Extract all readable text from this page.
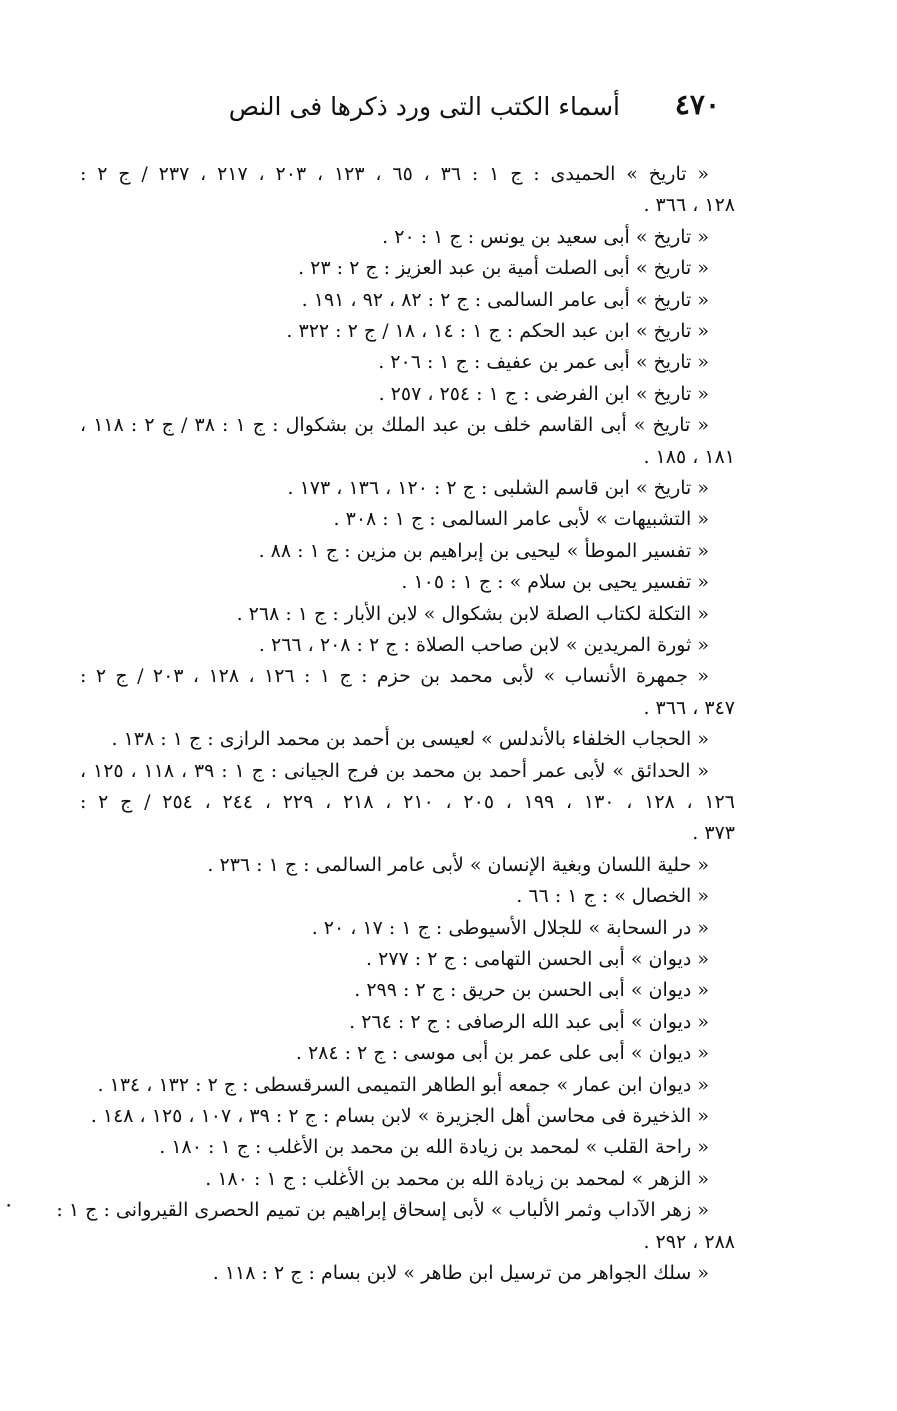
٤٧٠
أسماء الكتب التى ورد ذكرها فى النص
« تاريخ » الحميدى : ج ۱ : ۳٦ ، ٦٥ ، ۱۲۳ ، ۲۰۳ ، ۲۱۷ ، ۲۳۷ / ج ۲ :
۱۲۸ ، ۳٦٦ .
« تاريخ » أبى سعيد بن يونس : ج ۱ : ۲۰ .
« تاريخ » أبى الصلت أمية بن عبد العزيز : ج ۲ : ۲۳ .
« تاريخ » أبى عامر السالمى : ج ۲ : ۸۲ ، ۹۲ ، ۱۹۱ .
« تاريخ » ابن عبد الحكم : ج ۱ : ۱٤ ، ۱۸ / ج ۲ : ۳۲۲ .
« تاريخ » أبى عمر بن عفيف : ج ۱ : ۲۰٦ .
« تاريخ » ابن الفرضى : ج ۱ : ۲٥٤ ، ۲٥۷ .
« تاريخ » أبى القاسم خلف بن عبد الملك بن بشكوال : ج ۱ : ۳۸ / ج ۲ : ۱۱۸ ،
۱۸۱ ، ۱۸٥ .
« تاريخ » ابن قاسم الشلبى : ج ۲ : ۱۲۰ ، ۱۳٦ ، ۱۷۳ .
« التشبيهات » لأبى عامر السالمى : ج ۱ : ۳۰۸ .
« تفسير الموطأ » ليحيى بن إبراهيم بن مزين : ج ۱ : ۸۸ .
« تفسير يحيى بن سلام » : ج ۱ : ۱۰٥ .
« التكلة لكتاب الصلة لابن بشكوال » لابن الأبار : ج ۱ : ۲٦۸ .
« ثورة المريدين » لابن صاحب الصلاة : ج ۲ : ۲۰۸ ، ۲٦٦ .
« جمهرة الأنساب » لأبى محمد بن حزم : ج ۱ : ۱۲٦ ، ۱۲۸ ، ۲۰۳ / ج ۲ :
۳٤۷ ، ۳٦٦ .
« الحجاب الخلفاء بالأندلس » لعيسى بن أحمد بن محمد الرازى : ج ۱ : ۱۳۸ .
« الحدائق » لأبى عمر أحمد بن محمد بن فرج الجيانى : ج ۱ : ۳۹ ، ۱۱۸ ، ۱۲٥ ،
۱۲٦ ، ۱۲۸ ، ۱۳۰ ، ۱۹۹ ، ۲۰٥ ، ۲۱۰ ، ۲۱۸ ، ۲۲۹ ، ۲٤٤ ، ۲٥٤ / ج ۲ :
۳۷۳ .
« حلية اللسان وبغية الإنسان » لأبى عامر السالمى : ج ۱ : ۲۳٦ .
« الخصال » : ج ۱ : ٦٦ .
« در السحابة » للجلال الأسيوطى : ج ۱ : ۱۷ ، ۲۰ .
« ديوان » أبى الحسن التهامى : ج ۲ : ۲۷۷ .
« ديوان » أبى الحسن بن حريق : ج ۲ : ۲۹۹ .
« ديوان » أبى عبد الله الرصافى : ج ۲ : ۲٦٤ .
« ديوان » أبى على عمر بن أبى موسى : ج ۲ : ۲۸٤ .
« ديوان ابن عمار » جمعه أبو الطاهر التميمى السرقسطى : ج ۲ : ۱۳۲ ، ۱۳٤ .
« الذخيرة فى محاسن أهل الجزيرة » لابن بسام : ج ۲ : ۳۹ ، ۱۰۷ ، ۱۲٥ ، ۱٤۸ .
« راحة القلب » لمحمد بن زيادة الله بن محمد بن الأغلب : ج ۱ : ۱۸۰ .
« الزهر » لمحمد بن زيادة الله بن محمد بن الأغلب : ج ۱ : ۱۸۰ .
« زهر الآداب وثمر الألباب » لأبى إسحاق إبراهيم بن تميم الحصرى القيروانى : ج ۱ :
۲۸۸ ، ۲۹۲ .
« سلك الجواهر من ترسيل ابن طاهر » لابن بسام : ج ۲ : ۱۱۸ .
•
